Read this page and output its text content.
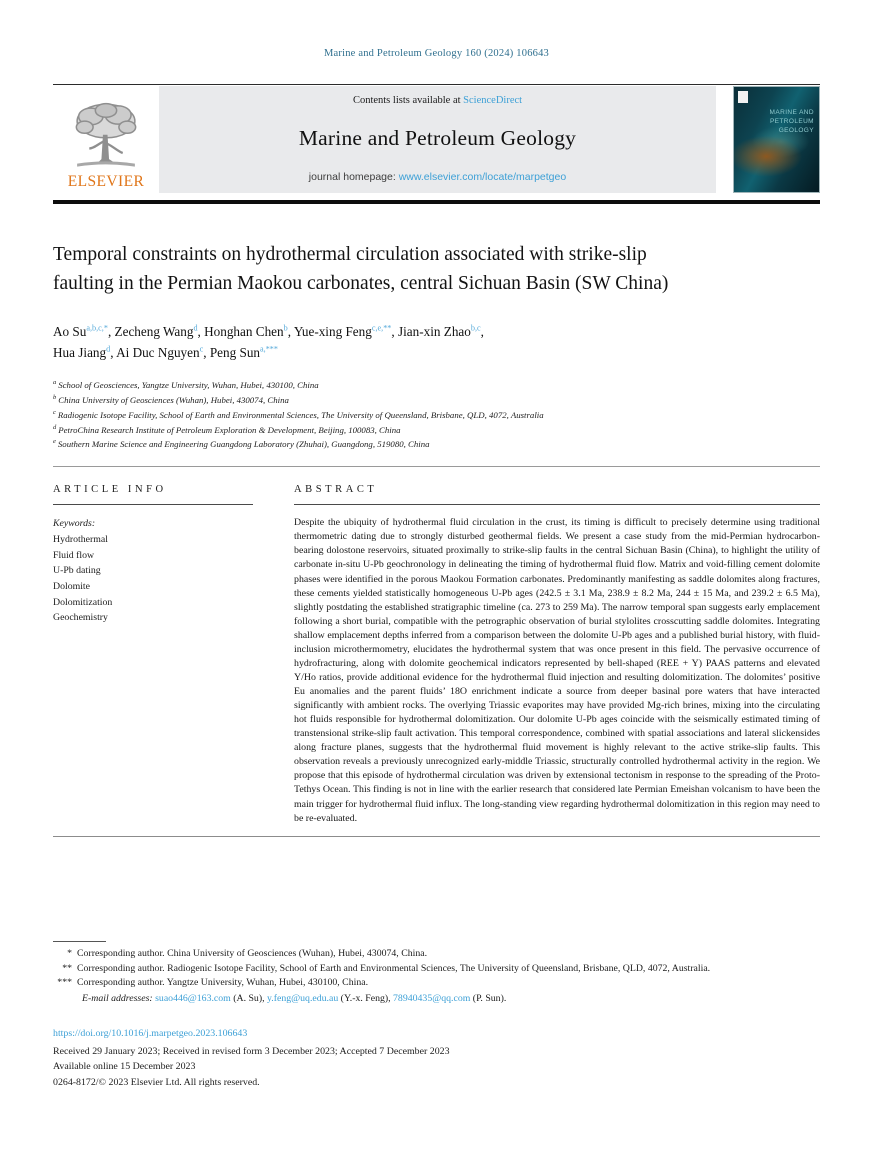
Marine and Petroleum Geology 160 (2024) 106643
ELSEVIER
Contents lists available at ScienceDirect
Marine and Petroleum Geology
journal homepage: www.elsevier.com/locate/marpetgeo
MARINE AND PETROLEUM GEOLOGY
Temporal constraints on hydrothermal circulation associated with strike-slip faulting in the Permian Maokou carbonates, central Sichuan Basin (SW China)
Ao $Su^{a,b,c,*}$, Zecheng Wang$^d$, Honghan Chen$^b$, Yue-xing Feng$^{c,e,**}$, Jian-xin Zhao$^{b,c}$,
Hua Jiang$^d$, Ai Duc Nguyen$^c$, Peng Sun$^{a,***}$
$^a$ School of Geosciences, Yangtze University, Wuhan, Hubei, 430100, China
$^b$ China University of Geosciences (Wuhan), Hubei, 430074, China
$^c$ Radiogenic Isotope Facility, School of Earth and Environmental Sciences, The University of Queensland, Brisbane, QLD, 4072, Australia
$^d$ PetroChina Research Institute of Petroleum Exploration & Development, Beijing, 100083, China
$^e$ Southern Marine Science and Engineering Guangdong Laboratory (Zhuhai), Guangdong, 519080, China
ARTICLE INFO
Keywords:
Hydrothermal
Fluid flow
U-Pb dating
Dolomite
Dolomitization
Geochemistry
ABSTRACT
Despite the ubiquity of hydrothermal fluid circulation in the crust, its timing is difficult to precisely determine using traditional thermometric dating due to strongly disturbed geothermal fields. We present a case study from the mid-Permian hydrocarbon-bearing dolostone reservoirs, situated proximally to strike-slip faults in the central Sichuan Basin (China), to highlight the utility of carbonate in-situ U-Pb geochronology in delineating the timing of hydrothermal fluid flow. Matrix and void-filling cement dolomite phases were identified in the porous Maokou Formation carbonates. Predominantly manifesting as saddle dolomites along fractures, these cements yielded statistically homogeneous U-Pb ages (242.5 ± 3.1 Ma, 238.9 ± 8.2 Ma, 244 ± 15 Ma, and 239.2 ± 6.5 Ma), slightly postdating the established stratigraphic timeline (ca. 273 to 259 Ma). The narrow temporal span suggests early emplacement following a short burial, compatible with the petrographic observation of burial stylolites crosscutting saddle dolomites. Integrating shallow emplacement depths inferred from a comparison between the dolomite U-Pb ages and a published burial history, with fluid-inclusion microthermometry, elucidates the hydrothermal system that was once present in this field. The pervasive occurrence of hydrofracturing, along with dolomite geochemical indicators represented by bell-shaped (REE + Y) PAAS patterns and elevated Y/Ho ratios, provide additional evidence for the hydrothermal fluid injection and resulting dolomitization. The dolomites’ positive Eu anomalies and the parent fluids’ 18O enrichment indicate a source from deeper basinal pore waters that have interacted significantly with ambient rocks. The overlying Triassic evaporites may have provided Mg-rich brines, mixing into the circulating hot fluids responsible for hydrothermal dolomitization. Our dolomite U-Pb ages coincide with the seismically estimated timing of transtensional strike-slip fault activation. This temporal correspondence, combined with spatial associations and lateral slickensides along fracture planes, suggests that the hydrothermal fluid movement is highly relevant to the active strike-slip faults. This observation reveals a previously unrecognized early-middle Triassic, structurally controlled hydrothermal activity in the region. We propose that this episode of hydrothermal circulation was driven by extensional tectonism in response to the spreading of the Proto-Tethys Ocean. This finding is not in line with the earlier research that considered late Permian Emeishan volcanism to have been the main trigger for hydrothermal fluid influx. The long-standing view regarding hydrothermal dolomitization in this region may need to be re-evaluated.
* Corresponding author. China University of Geosciences (Wuhan), Hubei, 430074, China.
** Corresponding author. Radiogenic Isotope Facility, School of Earth and Environmental Sciences, The University of Queensland, Brisbane, QLD, 4072, Australia.
*** Corresponding author. Yangtze University, Wuhan, Hubei, 430100, China.
E-mail addresses: suao446@163.com (A. Su), y.feng@uq.edu.au (Y.-x. Feng), 78940435@qq.com (P. Sun).
https://doi.org/10.1016/j.marpetgeo.2023.106643
Received 29 January 2023; Received in revised form 3 December 2023; Accepted 7 December 2023
Available online 15 December 2023
0264-8172/© 2023 Elsevier Ltd. All rights reserved.
